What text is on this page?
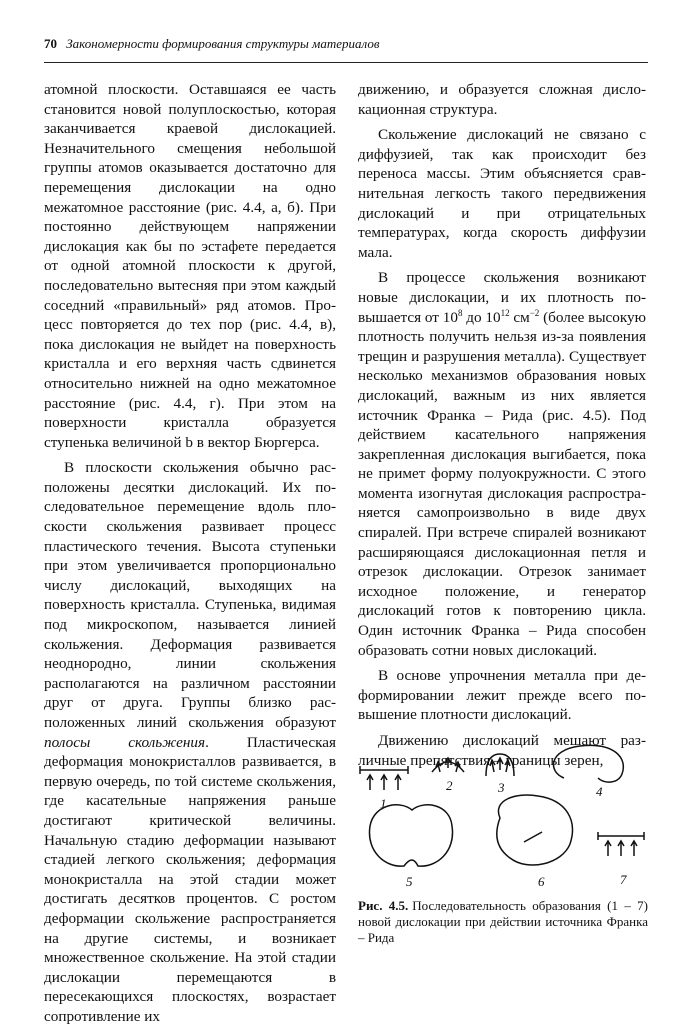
70 Закономерности формирования структуры материалов

атомной плоскости. Оставшаяся ее часть становится новой полуплоскостью, которая заканчивается краевой дислокацией. Незначительного смещения небольшой группы атомов оказывается достаточно для перемещения дислокации на одно межатомное расстояние (рис. 4.4, а, б). При постоянно действующем напряжении дислокация как бы по эстафете передается от одной атомной плоскости к другой, последовательно вытесняя при этом каждый соседний «правильный» ряд атомов. Процесс повторяется до тех пор (рис. 4.4, в), пока дислокация не выйдет на поверхность кристалла и его верхняя часть сдвинется относительно нижней на одно межатомное расстояние (рис. 4.4, г). При этом на поверхности кристалла образуется ступенька величиной b в вектор Бюргерса.

В плоскости скольжения обычно расположены десятки дислокаций. Их последовательное перемещение вдоль плоскости скольжения развивает процесс пластического течения. Высота ступеньки при этом увеличивается пропорционально числу дислокаций, выходящих на поверхность кристалла. Ступенька, видимая под микроскопом, называется линией скольжения. Деформация развивается неоднородно, линии скольжения располагаются на различном расстоянии друг от друга. Группы близко расположенных линий скольжения образуют полосы скольжения. Пластическая деформация монокристаллов развивается, в первую очередь, по той системе скольжения, где касательные напряжения раньше достигают критической величины. Начальную стадию деформации называют стадией легкого скольжения; деформация монокристалла на этой стадии может достигать десятков процентов. С ростом деформации скольжение распространяется на другие системы, и возникает множественное скольжение. На этой стадии дислокации перемещаются в пересекающихся плоскостях, возрастает сопротивление их

движению, и образуется сложная дислокационная структура.

Скольжение дислокаций не связано с диффузией, так как происходит без переноса массы. Этим объясняется сравнительная легкость такого передвижения дислокаций и при отрицательных температурах, когда скорость диффузии мала.

В процессе скольжения возникают новые дислокации, и их плотность повышается от $10^8$ до $10^{12}$ $см^{-2}$ (более высокую плотность получить нельзя из-за появления трещин и разрушения металла). Существует несколько механизмов образования новых дислокаций, важным из них является источник Франка – Рида (рис. 4.5). Под действием касательного напряжения закрепленная дислокация выгибается, пока не примет форму полуокружности. С этого момента изогнутая дислокация распространяется самопроизвольно в виде двух спиралей. При встрече спиралей возникают расширяющаяся дислокационная петля и отрезок дислокации. Отрезок занимает исходное положение, и генератор дислокаций готов к повторению цикла. Один источник Франка – Рида способен образовать сотни новых дислокаций.

В основе упрочнения металла при деформировании лежит прежде всего повышение плотности дислокаций.

Движению дислокаций мешают различные препятствия – границы зерен,

1
2	3	4
5	6	7
Рис. 4.5. Последовательность образования (1 – 7) новой дислокации при действии источника Франка – Рида
